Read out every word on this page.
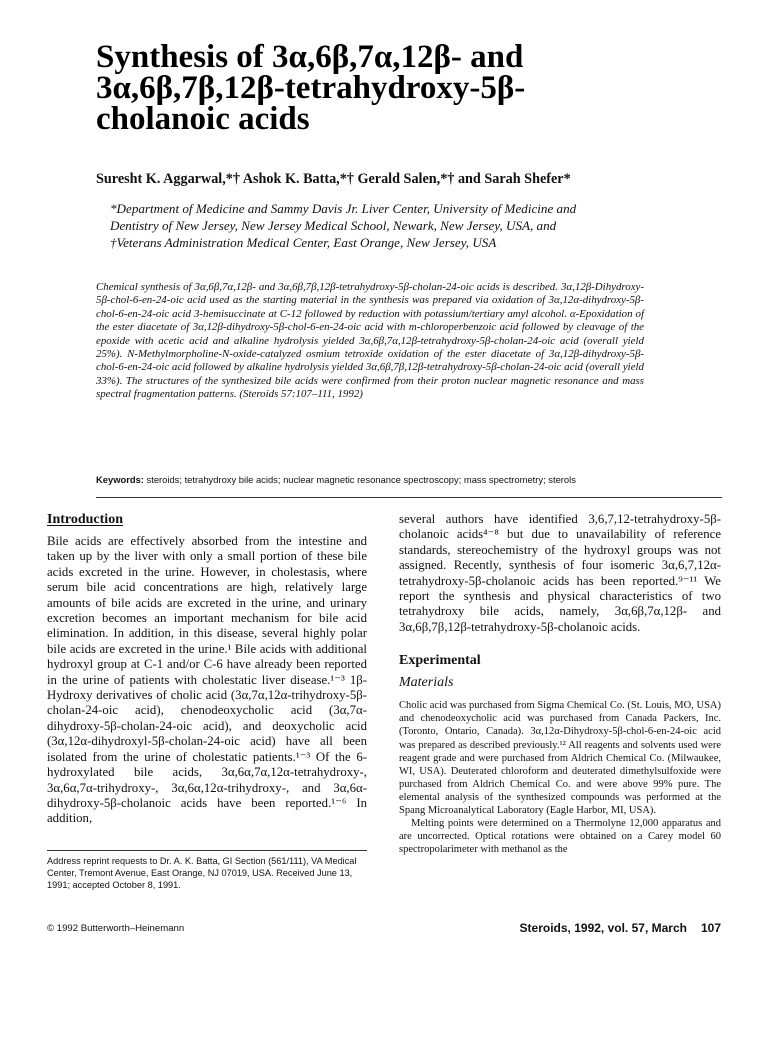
Synthesis of 3α,6β,7α,12β- and
3α,6β,7β,12β-tetrahydroxy-5β-
cholanoic acids

Suresht K. Aggarwal,*† Ashok K. Batta,*† Gerald Salen,*† and Sarah Shefer*

*Department of Medicine and Sammy Davis Jr. Liver Center, University of Medicine and
Dentistry of New Jersey, New Jersey Medical School, Newark, New Jersey, USA, and
†Veterans Administration Medical Center, East Orange, New Jersey, USA

Chemical synthesis of 3α,6β,7α,12β- and 3α,6β,7β,12β-tetrahydroxy-5β-cholan-24-oic acids is described. 3α,12β-Dihydroxy-5β-chol-6-en-24-oic acid used as the starting material in the synthesis was prepared via oxidation of 3α,12α-dihydroxy-5β-chol-6-en-24-oic acid 3-hemisuccinate at C-12 followed by reduction with potassium/tertiary amyl alcohol. α-Epoxidation of the ester diacetate of 3α,12β-dihydroxy-5β-chol-6-en-24-oic acid with m-chloroperbenzoic acid followed by cleavage of the epoxide with acetic acid and alkaline hydrolysis yielded 3α,6β,7α,12β-tetrahydroxy-5β-cholan-24-oic acid (overall yield 25%). N-Methylmorpholine-N-oxide-catalyzed osmium tetroxide oxidation of the ester diacetate of 3α,12β-dihydroxy-5β-chol-6-en-24-oic acid followed by alkaline hydrolysis yielded 3α,6β,7β,12β-tetrahydroxy-5β-cholan-24-oic acid (overall yield 33%). The structures of the synthesized bile acids were confirmed from their proton nuclear magnetic resonance and mass spectral fragmentation patterns. (Steroids 57:107–111, 1992)

Keywords: steroids; tetrahydroxy bile acids; nuclear magnetic resonance spectroscopy; mass spectrometry; sterols

Introduction

Bile acids are effectively absorbed from the intestine and taken up by the liver with only a small portion of these bile acids excreted in the urine. However, in cholestasis, where serum bile acid concentrations are high, relatively large amounts of bile acids are excreted in the urine, and urinary excretion becomes an important mechanism for bile acid elimination. In addition, in this disease, several highly polar bile acids are excreted in the urine.¹ Bile acids with additional hydroxyl group at C-1 and/or C-6 have already been reported in the urine of patients with cholestatic liver disease.¹⁻³ 1β-Hydroxy derivatives of cholic acid (3α,7α,12α-trihydroxy-5β-cholan-24-oic acid), chenodeoxycholic acid (3α,7α-dihydroxy-5β-cholan-24-oic acid), and deoxycholic acid (3α,12α-dihydroxyl-5β-cholan-24-oic acid) have all been isolated from the urine of cholestatic patients.¹⁻³ Of the 6-hydroxylated bile acids, 3α,6α,7α,12α-tetrahydroxy-, 3α,6α,7α-trihydroxy-, 3α,6α,12α-trihydroxy-, and 3α,6α-dihydroxy-5β-cholanoic acids have been reported.¹⁻⁶ In addition,

several authors have identified 3,6,7,12-tetrahydroxy-5β-cholanoic acids⁴⁻⁸ but due to unavailability of reference standards, stereochemistry of the hydroxyl groups was not assigned. Recently, synthesis of four isomeric 3α,6,7,12α-tetrahydroxy-5β-cholanoic acids has been reported.⁹⁻¹¹ We report the synthesis and physical characteristics of two tetrahydroxy bile acids, namely, 3α,6β,7α,12β- and 3α,6β,7β,12β-tetrahydroxy-5β-cholanoic acids.

Experimental
Materials

Cholic acid was purchased from Sigma Chemical Co. (St. Louis, MO, USA) and chenodeoxycholic acid was purchased from Canada Packers, Inc. (Toronto, Ontario, Canada). 3α,12α-Dihydroxy-5β-chol-6-en-24-oic acid was prepared as described previously.¹² All reagents and solvents used were reagent grade and were purchased from Aldrich Chemical Co. (Milwaukee, WI, USA). Deuterated chloroform and deuterated dimethylsulfoxide were purchased from Aldrich Chemical Co. and were above 99% pure. The elemental analysis of the synthesized compounds was performed at the Spang Microanalytical Laboratory (Eagle Harbor, MI, USA).

Melting points were determined on a Thermolyne 12,000 apparatus and are uncorrected. Optical rotations were obtained on a Carey model 60 spectropolarimeter with methanol as the

Address reprint requests to Dr. A. K. Batta, GI Section (561/111), VA Medical Center, Tremont Avenue, East Orange, NJ 07019, USA. Received June 13, 1991; accepted October 8, 1991.

© 1992 Butterworth–Heinemann	Steroids, 1992, vol. 57, March 107
